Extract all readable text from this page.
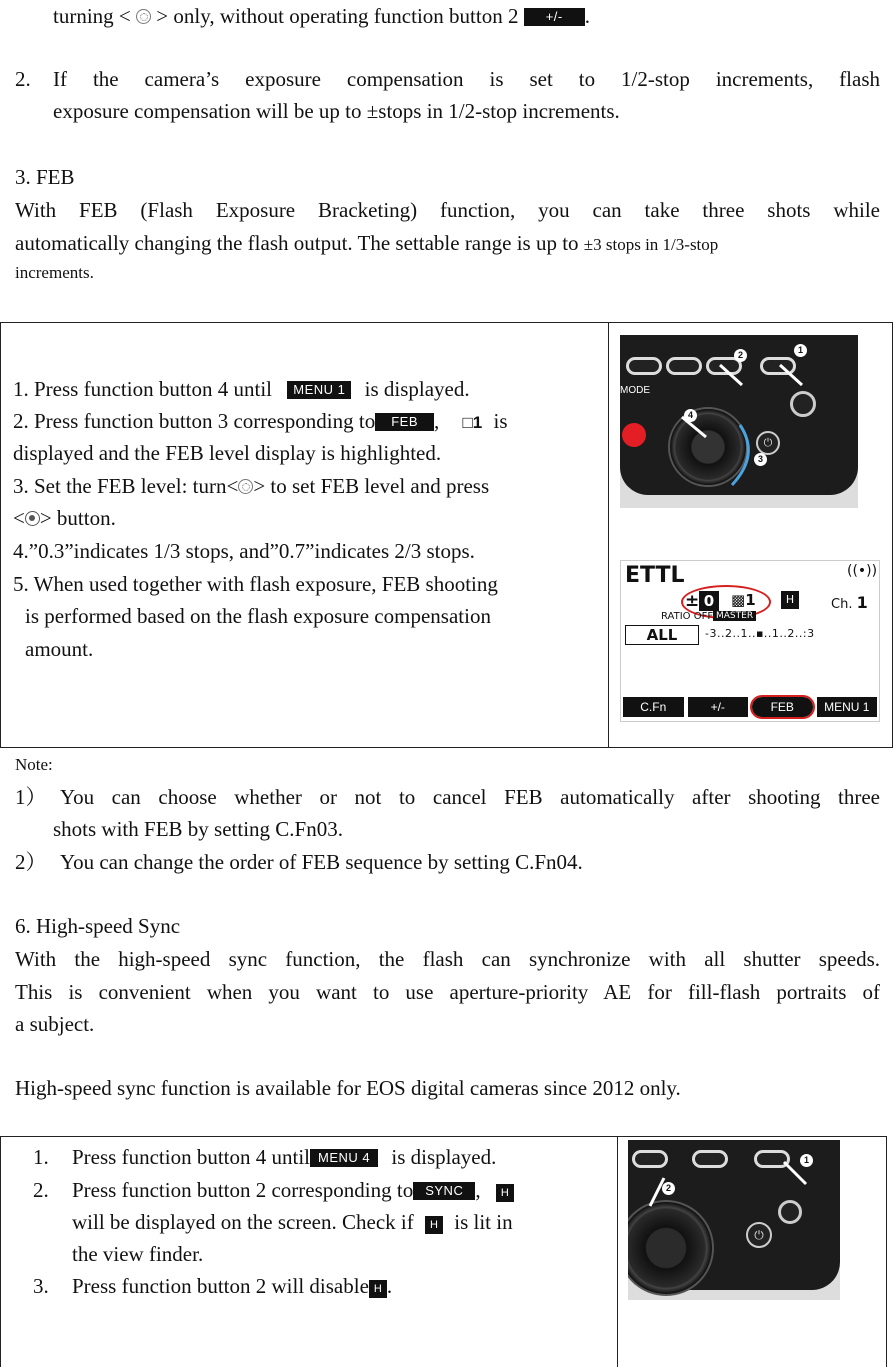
turning < > only, without operating function button 2 +/- .
2. If the camera’s exposure compensation is set to 1/2-stop increments, flash
exposure compensation will be up to ±stops in 1/2-stop increments.
3. FEB
With FEB (Flash Exposure Bracketing) function, you can take three shots while
automatically changing the flash output. The settable range is up to ±3 stops in 1/3-stop
increments.
1. Press function button 4 until MENU 1 is displayed.
2. Press function button 3 corresponding to FEB , □1 is
displayed and the FEB level display is highlighted.
3. Set the FEB level: turn< > to set FEB level and press
< > button.
4.”0.3”indicates 1/3 stops, and”0.7”indicates 2/3 stops.
5. When used together with flash exposure, FEB shooting
is performed based on the flash exposure compensation
amount.
MODE
⏻
1
2
3
4
ETTL	((•))
± 0	▩1	H	Ch. 1
RATIO OFF MASTER
ALL	-3..2..1..▪..1..2..:3
C.Fn	+/-	FEB	MENU 1
Note:
1） You can choose whether or not to cancel FEB automatically after shooting three
shots with FEB by setting C.Fn03.
2） You can change the order of FEB sequence by setting C.Fn04.
6. High-speed Sync
With the high-speed sync function, the flash can synchronize with all shutter speeds.
This is convenient when you want to use aperture-priority AE for fill-flash portraits of
a subject.
High-speed sync function is available for EOS digital cameras since 2012 only.
1. Press function button 4 until MENU 4 is displayed.
2. Press function button 2 corresponding to SYNC , H
will be displayed on the screen. Check if H is lit in
the view finder.
3. Press function button 2 will disable H .
⏻
1
2
